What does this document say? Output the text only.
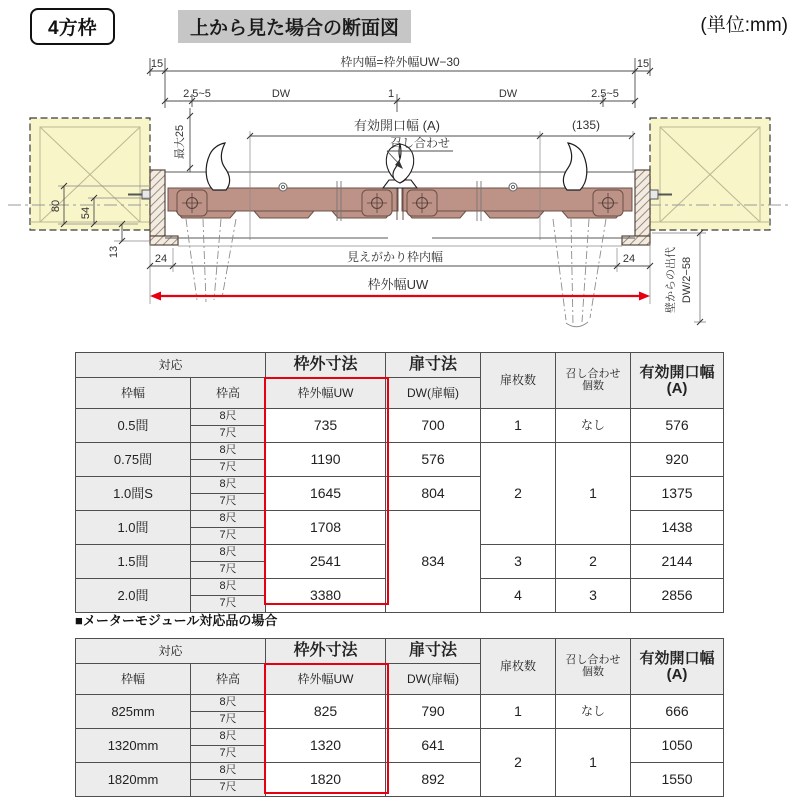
4方枠	上から見た場合の断面図	(単位:mm)
15	枠内幅=枠外幅UW−30	15
2.5~5	DW	1	DW	2.5~5
最大25	有効開口幅 (A)	(135)
召し合わせ
80
54
13
24	見えがかり枠内幅	24
枠外幅UW	壁からの出代 DW/2−58
対応		枠外寸法	扉寸法	扉枚数	召し合わせ
個数	有効開口幅
(A)
枠幅	枠高	枠外幅UW	DW(扉幅)			
0.5間	8尺	735	700	1	なし	576
	7尺					
0.75間	8尺	1190	576	2	1	920
	7尺					
1.0間S	8尺	1645	804			1375
	7尺					
1.0間	8尺	1708	834			1438
	7尺					
1.5間	8尺	2541		3	2	2144
	7尺					
2.0間	8尺	3380		4	3	2856
	7尺					
■メーターモジュール対応品の場合
対応		枠外寸法	扉寸法	扉枚数	召し合わせ
個数	有効開口幅
(A)
枠幅	枠高	枠外幅UW	DW(扉幅)			
825mm	8尺	825	790	1	なし	666
	7尺					
1320mm	8尺	1320	641	2	1	1050
	7尺					
1820mm	8尺	1820	892			1550
	7尺					
